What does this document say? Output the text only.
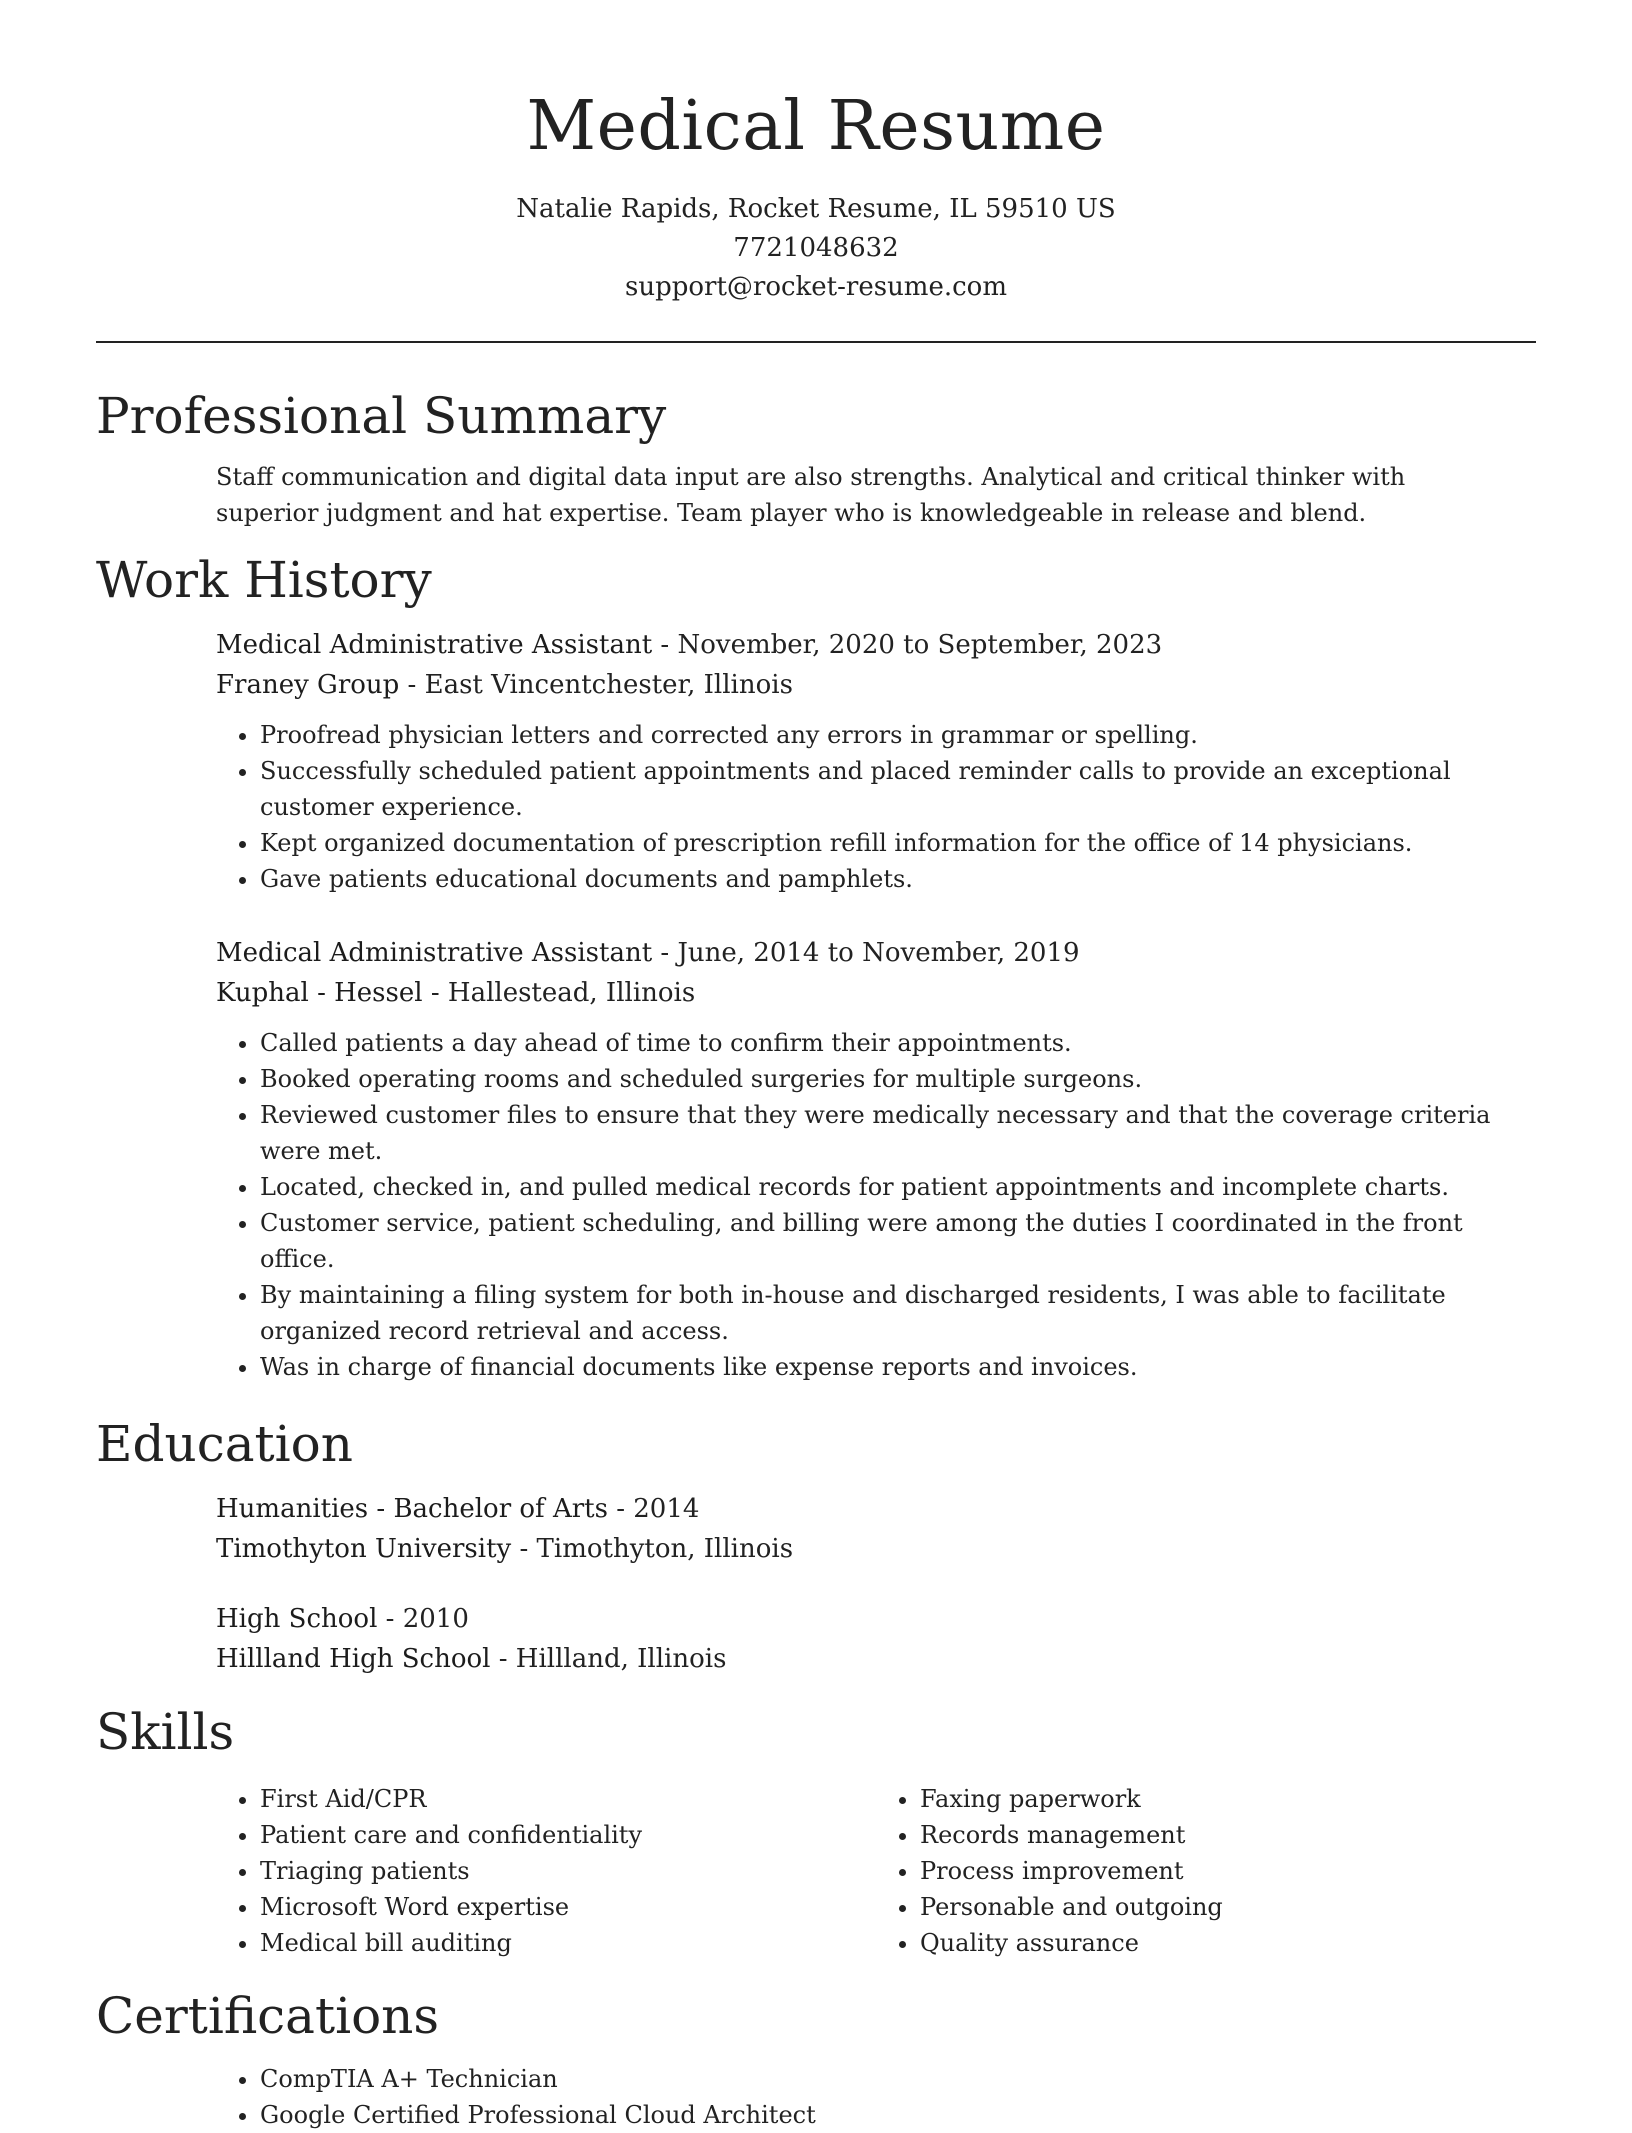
Medical Resume
Natalie Rapids, Rocket Resume, IL 59510 US
7721048632
support@rocket-resume.com
Professional Summary

Staff communication and digital data input are also strengths. Analytical and critical thinker with superior judgment and hat expertise. Team player who is knowledgeable in release and blend.

Work History

Medical Administrative Assistant - November, 2020 to September, 2023

Franey Group - East Vincentchester, Illinois

• Proofread physician letters and corrected any errors in grammar or spelling.
• Successfully scheduled patient appointments and placed reminder calls to provide an exceptional customer experience.
• Kept organized documentation of prescription refill information for the office of 14 physicians.
• Gave patients educational documents and pamphlets.

Medical Administrative Assistant - June, 2014 to November, 2019

Kuphal - Hessel - Hallestead, Illinois

• Called patients a day ahead of time to confirm their appointments.
• Booked operating rooms and scheduled surgeries for multiple surgeons.
• Reviewed customer files to ensure that they were medically necessary and that the coverage criteria were met.
• Located, checked in, and pulled medical records for patient appointments and incomplete charts.
• Customer service, patient scheduling, and billing were among the duties I coordinated in the front office.
• By maintaining a filing system for both in-house and discharged residents, I was able to facilitate organized record retrieval and access.
• Was in charge of financial documents like expense reports and invoices.
Education

Humanities - Bachelor of Arts - 2014

Timothyton University - Timothyton, Illinois

High School - 2010

Hillland High School - Hillland, Illinois

Skills
• First Aid/CPR
• Patient care and confidentiality
• Triaging patients
• Microsoft Word expertise
• Medical bill auditing
• Faxing paperwork
• Records management
• Process improvement
• Personable and outgoing
• Quality assurance
Certifications
• CompTIA A+ Technician
• Google Certified Professional Cloud Architect
